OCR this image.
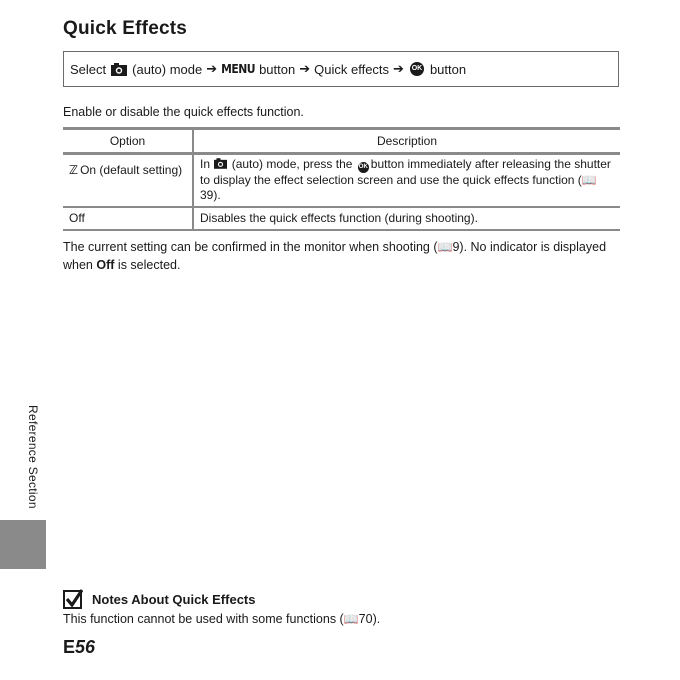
Quick Effects
Select (auto) mode ➔ MENU button ➔ Quick effects ➔ OK button
Enable or disable the quick effects function.
Option	Description
ℤ On (default setting)	In (auto) mode, press the OK button immediately after releasing the shutter to display the effect selection screen and use the quick effects function (📖39).
Off	Disables the quick effects function (during shooting).
The current setting can be confirmed in the monitor when shooting (📖9). No indicator is displayed when Off is selected.
Reference Section
Notes About Quick Effects
This function cannot be used with some functions (📖70).
E56
